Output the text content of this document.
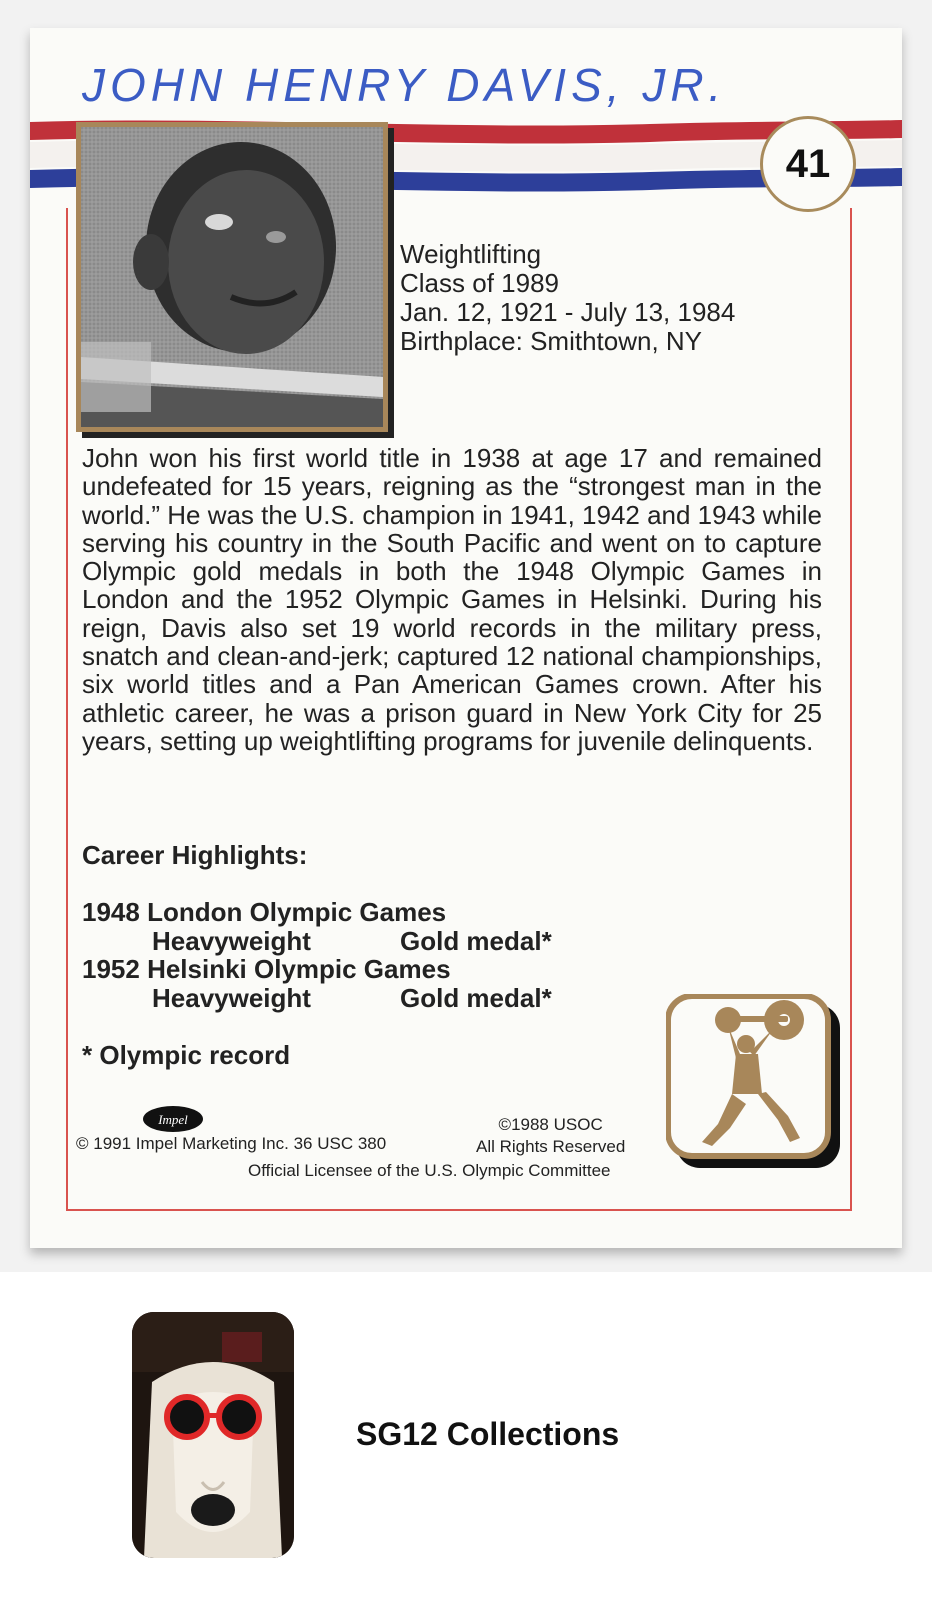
JOHN HENRY DAVIS, JR.
41
Weightlifting
Class of 1989
Jan. 12, 1921 - July 13, 1984
Birthplace: Smithtown, NY

John won his first world title in 1938 at age 17 and remained undefeated for 15 years, reigning as the “strongest man in the world.” He was the U.S. champion in 1941, 1942 and 1943 while serving his country in the South Pacific and went on to capture Olympic gold medals in both the 1948 Olympic Games in London and the 1952 Olympic Games in Helsinki. During his reign, Davis also set 19 world records in the military press, snatch and clean-and-jerk; captured 12 national championships, six world titles and a Pan American Games crown. After his athletic career, he was a prison guard in New York City for 25 years, setting up weightlifting programs for juvenile delinquents.

Career Highlights:
1948 London Olympic Games
Heavyweight	Gold medal*
1952 Helsinki Olympic Games
Heavyweight	Gold medal*
* Olympic record
Impel
© 1991 Impel Marketing Inc. 36 USC 380
©1988 USOC
All Rights Reserved
Official Licensee of the U.S. Olympic Committee
SG12 Collections
